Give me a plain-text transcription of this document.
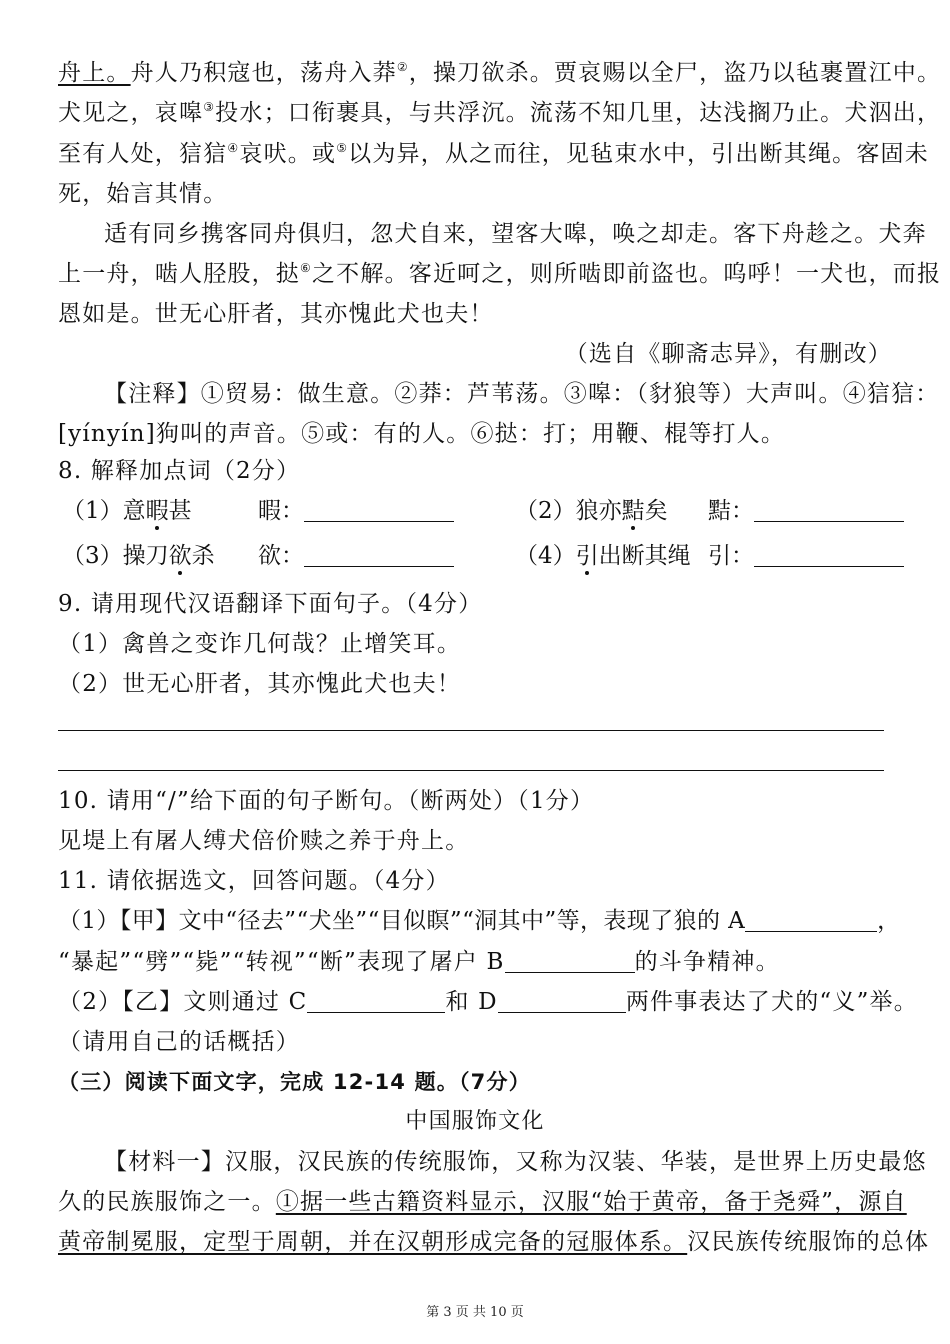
舟上。舟人乃积寇也，荡舟入莽②，操刀欲杀。贾哀赐以全尸，盗乃以毡裹置江中。
犬见之，哀嗥③投水；口衔裹具，与共浮沉。流荡不知几里，达浅搁乃止。犬泅出，
至有人处，狺狺④哀吠。或⑤以为异，从之而往，见毡束水中，引出断其绳。客固未
死，始言其情。
适有同乡携客同舟俱归，忽犬自来，望客大嗥，唤之却走。客下舟趁之。犬奔
上一舟，啮人胫股，挞⑥之不解。客近呵之，则所啮即前盗也。呜呼！一犬也，而报
恩如是。世无心肝者，其亦愧此犬也夫！
（选自《聊斋志异》，有删改）
【注释】①贸易：做生意。②莽：芦苇荡。③嗥：（豺狼等）大声叫。④狺狺：
[yínyín]狗叫的声音。⑤或：有的人。⑥挞：打；用鞭、棍等打人。
8. 解释加点词（2分）
（1）意暇甚	暇：	（2）狼亦黠矣 黠：
（3）操刀欲杀 欲：	（4）引出断其绳 引：
9. 请用现代汉语翻译下面句子。（4分）
（1）禽兽之变诈几何哉？止增笑耳。
（2）世无心肝者，其亦愧此犬也夫！
10. 请用“/”给下面的句子断句。（断两处）（1分）
见堤上有屠人缚犬倍价赎之养于舟上。
11. 请依据选文，回答问题。（4分）
（1）【甲】文中“径去”“犬坐”“目似瞑”“洞其中”等，表现了狼的 A	，
“暴起”“劈”“毙”“转视”“断”表现了屠户 B	的斗争精神。
（2）【乙】文则通过 C	和 D	两件事表达了犬的“义”举。
（请用自己的话概括）
（三）阅读下面文字，完成 12-14 题。（7分）
中国服饰文化
【材料一】汉服，汉民族的传统服饰，又称为汉装、华装，是世界上历史最悠
久的民族服饰之一。①据一些古籍资料显示，汉服“始于黄帝，备于尧舜”，源自
黄帝制冕服，定型于周朝，并在汉朝形成完备的冠服体系。汉民族传统服饰的总体
第 3 页 共 10 页
